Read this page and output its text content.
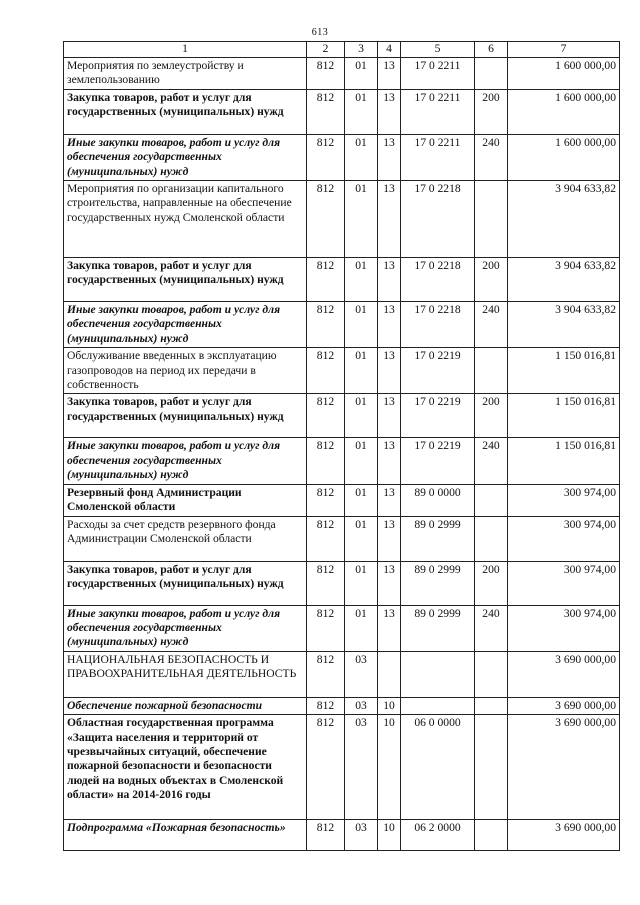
613
1	2	3	4	5	6	7
Мероприятия по землеустройству и землепользованию	812	01	13	17 0 2211		1 600 000,00
Закупка товаров, работ и услуг для государственных (муниципальных) нужд	812	01	13	17 0 2211	200	1 600 000,00
Иные закупки товаров, работ и услуг для обеспечения государственных (муниципальных) нужд	812	01	13	17 0 2211	240	1 600 000,00
Мероприятия по организации капитального строительства, направленные на обеспечение государственных нужд Смоленской области	812	01	13	17 0 2218		3 904 633,82
Закупка товаров, работ и услуг для государственных (муниципальных) нужд	812	01	13	17 0 2218	200	3 904 633,82
Иные закупки товаров, работ и услуг для обеспечения государственных (муниципальных) нужд	812	01	13	17 0 2218	240	3 904 633,82
Обслуживание введенных в эксплуатацию газопроводов на период их передачи в собственность	812	01	13	17 0 2219		1 150 016,81
Закупка товаров, работ и услуг для государственных (муниципальных) нужд	812	01	13	17 0 2219	200	1 150 016,81
Иные закупки товаров, работ и услуг для обеспечения государственных (муниципальных) нужд	812	01	13	17 0 2219	240	1 150 016,81
Резервный фонд Администрации Смоленской области	812	01	13	89 0 0000		300 974,00
Расходы за счет средств резервного фонда Администрации Смоленской области	812	01	13	89 0 2999		300 974,00
Закупка товаров, работ и услуг для государственных (муниципальных) нужд	812	01	13	89 0 2999	200	300 974,00
Иные закупки товаров, работ и услуг для обеспечения государственных (муниципальных) нужд	812	01	13	89 0 2999	240	300 974,00
НАЦИОНАЛЬНАЯ БЕЗОПАСНОСТЬ И ПРАВООХРАНИТЕЛЬНАЯ ДЕЯТЕЛЬНОСТЬ	812	03				3 690 000,00
Обеспечение пожарной безопасности	812	03	10			3 690 000,00
Областная государственная программа «Защита населения и территорий от чрезвычайных ситуаций, обеспечение пожарной безопасности и безопасности людей на водных объектах в Смоленской области» на 2014-2016 годы	812	03	10	06 0 0000		3 690 000,00
Подпрограмма «Пожарная безопасность»	812	03	10	06 2 0000		3 690 000,00
